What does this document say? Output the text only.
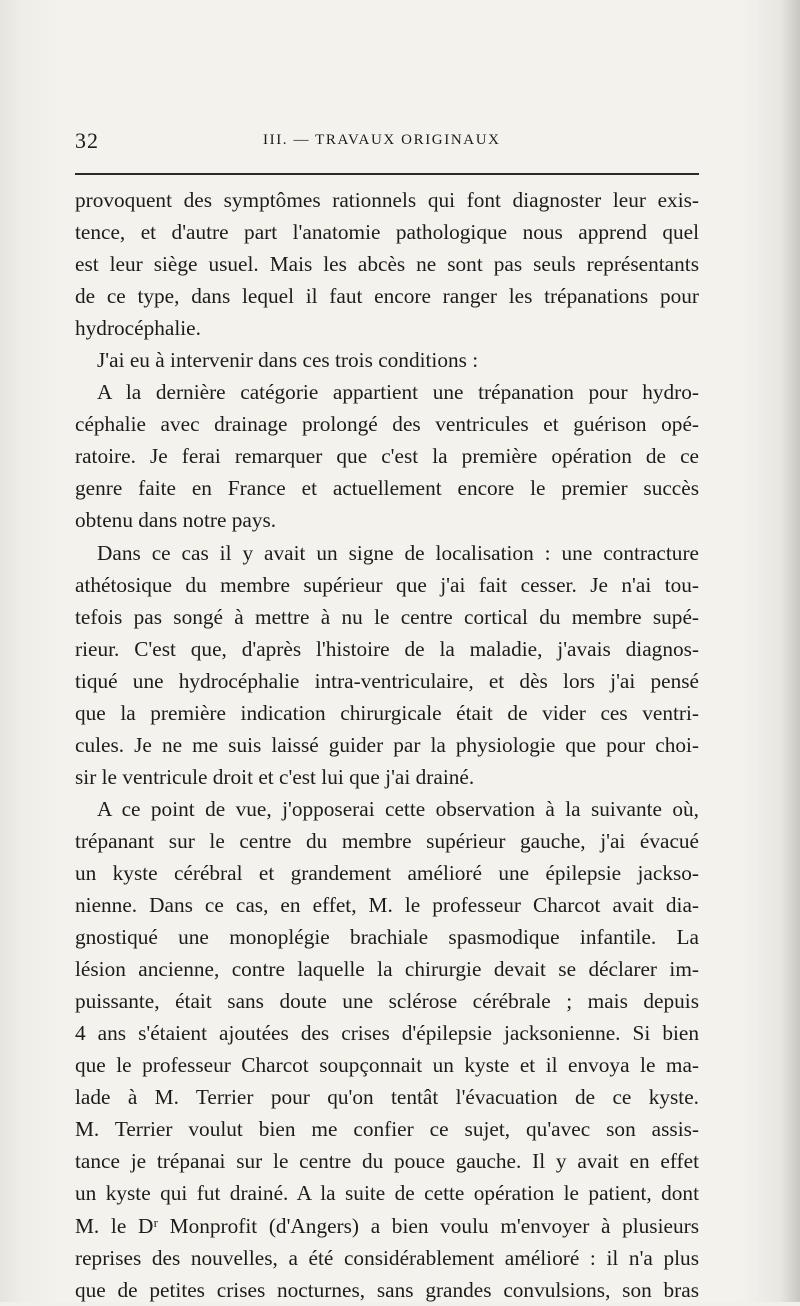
32	III. — TRAVAUX ORIGINAUX
provoquent des symptômes rationnels qui font diagnoster leur exis-
tence, et d'autre part l'anatomie pathologique nous apprend quel
est leur siège usuel. Mais les abcès ne sont pas seuls représentants
de ce type, dans lequel il faut encore ranger les trépanations pour
hydrocéphalie.
J'ai eu à intervenir dans ces trois conditions :
A la dernière catégorie appartient une trépanation pour hydro-
céphalie avec drainage prolongé des ventricules et guérison opé-
ratoire. Je ferai remarquer que c'est la première opération de ce
genre faite en France et actuellement encore le premier succès
obtenu dans notre pays.
Dans ce cas il y avait un signe de localisation : une contracture
athétosique du membre supérieur que j'ai fait cesser. Je n'ai tou-
tefois pas songé à mettre à nu le centre cortical du membre supé-
rieur. C'est que, d'après l'histoire de la maladie, j'avais diagnos-
tiqué une hydrocéphalie intra-ventriculaire, et dès lors j'ai pensé
que la première indication chirurgicale était de vider ces ventri-
cules. Je ne me suis laissé guider par la physiologie que pour choi-
sir le ventricule droit et c'est lui que j'ai drainé.
A ce point de vue, j'opposerai cette observation à la suivante où,
trépanant sur le centre du membre supérieur gauche, j'ai évacué
un kyste cérébral et grandement amélioré une épilepsie jackso-
nienne. Dans ce cas, en effet, M. le professeur Charcot avait dia-
gnostiqué une monoplégie brachiale spasmodique infantile. La
lésion ancienne, contre laquelle la chirurgie devait se déclarer im-
puissante, était sans doute une sclérose cérébrale ; mais depuis
4 ans s'étaient ajoutées des crises d'épilepsie jacksonienne. Si bien
que le professeur Charcot soupçonnait un kyste et il envoya le ma-
lade à M. Terrier pour qu'on tentât l'évacuation de ce kyste.
M. Terrier voulut bien me confier ce sujet, qu'avec son assis-
tance je trépanai sur le centre du pouce gauche. Il y avait en effet
un kyste qui fut drainé. A la suite de cette opération le patient, dont
M. le Dʳ Monprofit (d'Angers) a bien voulu m'envoyer à plusieurs
reprises des nouvelles, a été considérablement amélioré : il n'a plus
que de petites crises nocturnes, sans grandes convulsions, son bras
